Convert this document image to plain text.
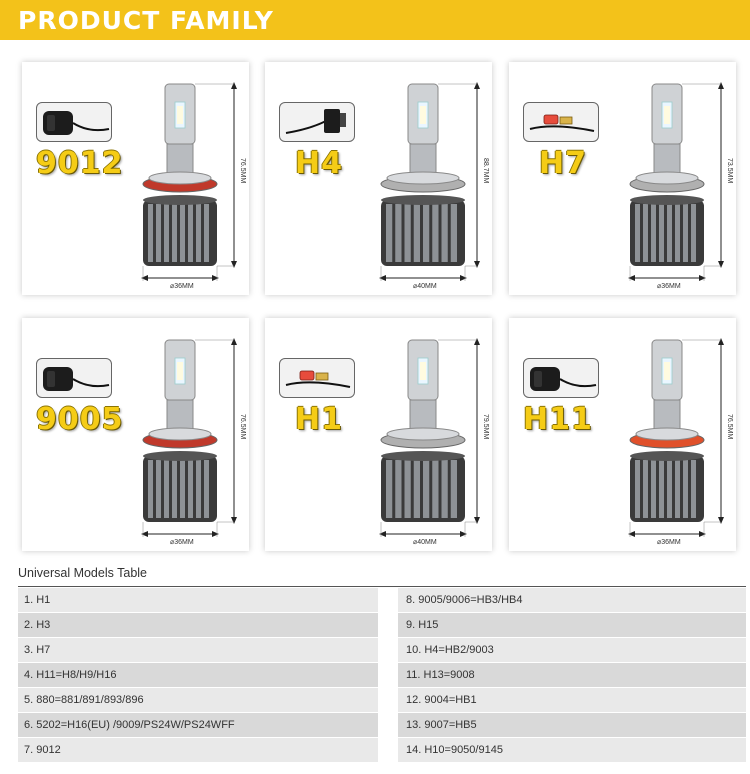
PRODUCT FAMILY
9012
⌀36MM
76.5MM H4
⌀40MM
88.7MM H7
⌀36MM
73.5MM
9005
⌀36MM
76.5MM H1
⌀40MM
79.5MM H11
⌀36MM
76.5MM
Universal Models Table
1. H1	8. 9005/9006=HB3/HB4
2. H3	9. H15
3. H7	10. H4=HB2/9003
4. H11=H8/H9/H16	11. H13=9008
5. 880=881/891/893/896	12. 9004=HB1
6. 5202=H16(EU) /9009/PS24W/PS24WFF	13. 9007=HB5
7. 9012	14. H10=9050/9145
